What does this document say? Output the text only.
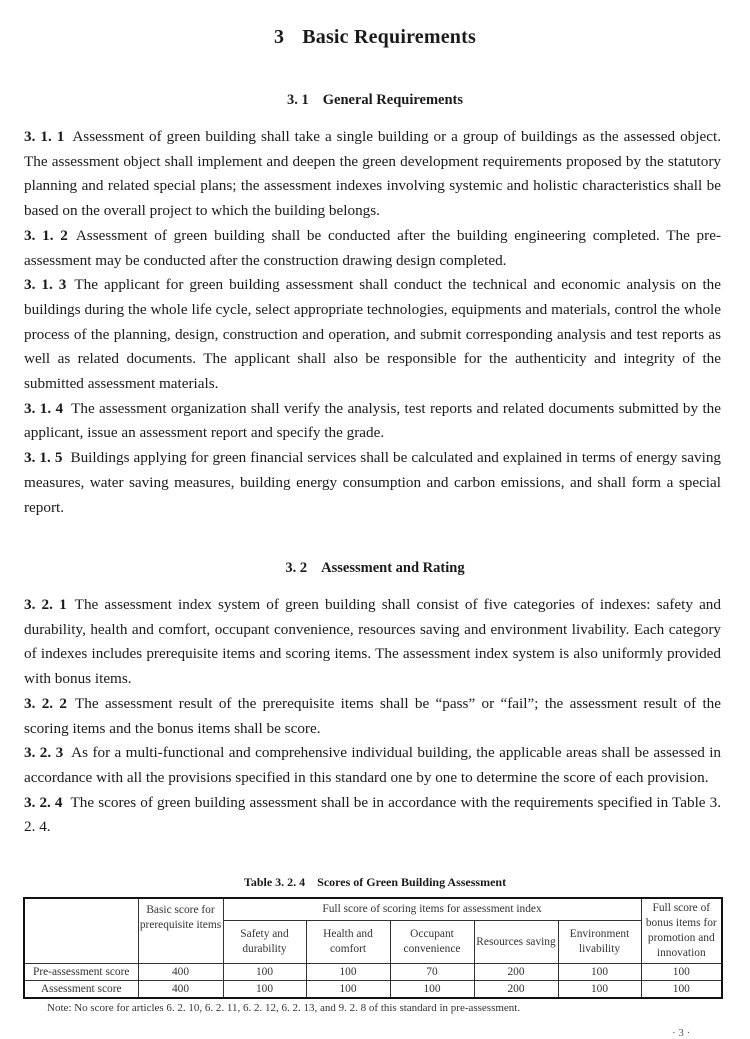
3 Basic Requirements
3. 1 General Requirements

3. 1. 1 Assessment of green building shall take a single building or a group of buildings as the assessed object. The assessment object shall implement and deepen the green development requirements proposed by the statutory planning and related special plans; the assessment indexes involving systemic and holistic characteristics shall be based on the overall project to which the building belongs.

3. 1. 2 Assessment of green building shall be conducted after the building engineering completed. The pre-assessment may be conducted after the construction drawing design completed.

3. 1. 3 The applicant for green building assessment shall conduct the technical and economic analysis on the buildings during the whole life cycle, select appropriate technologies, equipments and materials, control the whole process of the planning, design, construction and operation, and submit corresponding analysis and test reports as well as related documents. The applicant shall also be responsible for the authenticity and integrity of the submitted assessment materials.

3. 1. 4 The assessment organization shall verify the analysis, test reports and related documents submitted by the applicant, issue an assessment report and specify the grade.

3. 1. 5 Buildings applying for green financial services shall be calculated and explained in terms of energy saving measures, water saving measures, building energy consumption and carbon emissions, and shall form a special report.

3. 2 Assessment and Rating

3. 2. 1 The assessment index system of green building shall consist of five categories of indexes: safety and durability, health and comfort, occupant convenience, resources saving and environment livability. Each category of indexes includes prerequisite items and scoring items. The assessment index system is also uniformly provided with bonus items.

3. 2. 2 The assessment result of the prerequisite items shall be “pass” or “fail”; the assessment result of the scoring items and the bonus items shall be score.

3. 2. 3 As for a multi-functional and comprehensive individual building, the applicable areas shall be assessed in accordance with all the provisions specified in this standard one by one to determine the score of each provision.

3. 2. 4 The scores of green building assessment shall be in accordance with the requirements specified in Table 3. 2. 4.

Table 3. 2. 4 Scores of Green Building Assessment
	Basic score for prerequisite items	Full score of scoring items for assessment index					Full score of bonus items for promotion and innovation
		Safety and durability	Health and comfort	Occupant convenience	Resources saving	Environment livability	
Pre-assessment score	400	100	100	70	200	100	100
Assessment score	400	100	100	100	200	100	100
Note: No score for articles 6. 2. 10, 6. 2. 11, 6. 2. 12, 6. 2. 13, and 9. 2. 8 of this standard in pre-assessment.
· 3 ·
